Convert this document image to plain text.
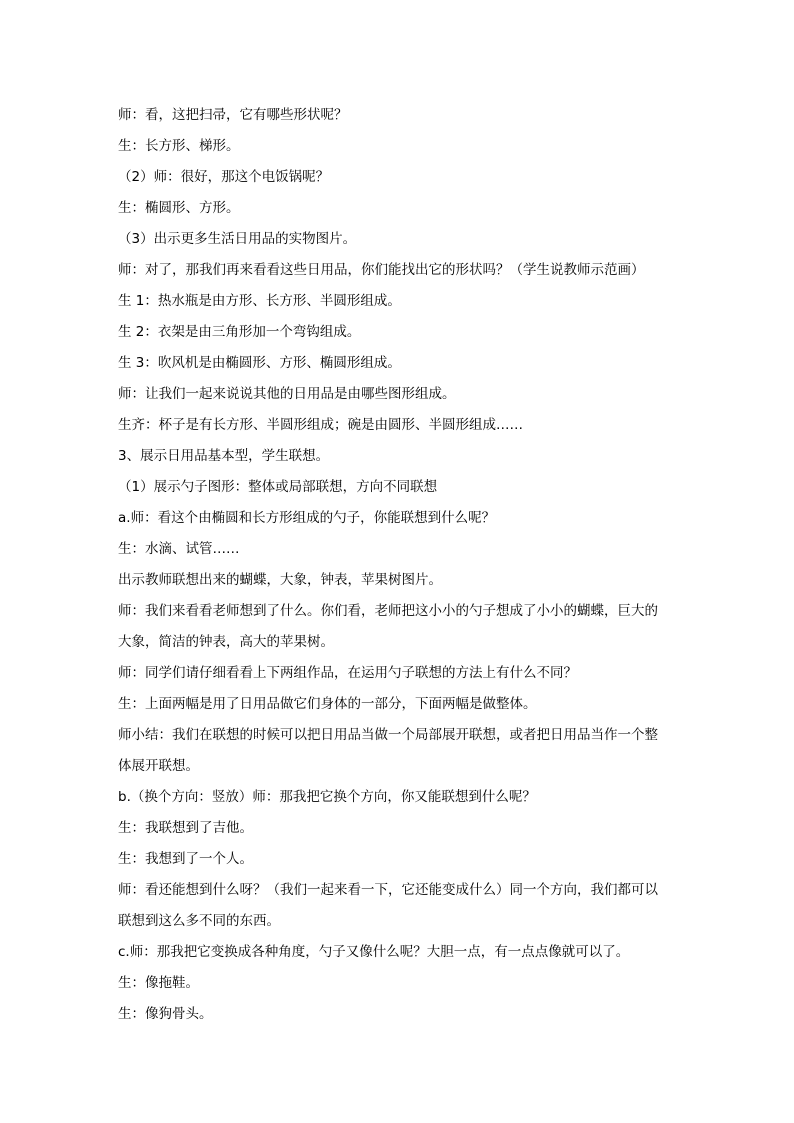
师：看，这把扫帚，它有哪些形状呢？
生：长方形、梯形。
（2）师：很好，那这个电饭锅呢？
生：椭圆形、方形。
（3）出示更多生活日用品的实物图片。
师：对了，那我们再来看看这些日用品，你们能找出它的形状吗？（学生说教师示范画）
生 1：热水瓶是由方形、长方形、半圆形组成。
生 2：衣架是由三角形加一个弯钩组成。
生 3：吹风机是由椭圆形、方形、椭圆形组成。
师：让我们一起来说说其他的日用品是由哪些图形组成。
生齐：杯子是有长方形、半圆形组成；碗是由圆形、半圆形组成……
3、展示日用品基本型，学生联想。
（1）展示勺子图形：整体或局部联想，方向不同联想
a.师：看这个由椭圆和长方形组成的勺子，你能联想到什么呢？
生：水滴、试管……
出示教师联想出来的蝴蝶，大象，钟表，苹果树图片。
师：我们来看看老师想到了什么。你们看，老师把这小小的勺子想成了小小的蝴蝶，巨大的
大象，简洁的钟表，高大的苹果树。
师：同学们请仔细看看上下两组作品，在运用勺子联想的方法上有什么不同？
生：上面两幅是用了日用品做它们身体的一部分，下面两幅是做整体。
师小结：我们在联想的时候可以把日用品当做一个局部展开联想，或者把日用品当作一个整
体展开联想。
b.（换个方向：竖放）师：那我把它换个方向，你又能联想到什么呢？
生：我联想到了吉他。
生：我想到了一个人。
师：看还能想到什么呀？（我们一起来看一下，它还能变成什么）同一个方向，我们都可以
联想到这么多不同的东西。
c.师：那我把它变换成各种角度，勺子又像什么呢？大胆一点，有一点点像就可以了。
生：像拖鞋。
生：像狗骨头。
